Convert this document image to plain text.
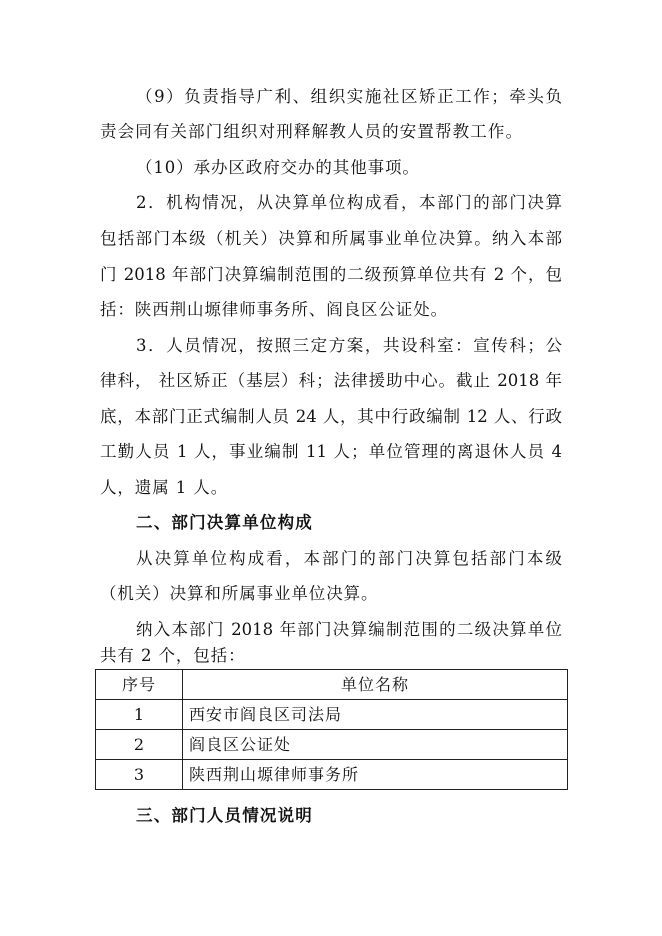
（9）负责指导广利、组织实施社区矫正工作；牵头负
责会同有关部门组织对刑释解教人员的安置帮教工作。
（10）承办区政府交办的其他事项。
2．机构情况，从决算单位构成看，本部门的部门决算
包括部门本级（机关）决算和所属事业单位决算。纳入本部
门 2018 年部门决算编制范围的二级预算单位共有 2 个，包
括：陕西荆山塬律师事务所、阎良区公证处。
3．人员情况，按照三定方案，共设科室：宣传科；公
律科， 社区矫正（基层）科；法律援助中心。截止 2018 年
底，本部门正式编制人员 24 人，其中行政编制 12 人、行政
工勤人员 1 人，事业编制 11 人；单位管理的离退休人员 4
人，遗属 1 人。
二、部门决算单位构成
从决算单位构成看，本部门的部门决算包括部门本级
（机关）决算和所属事业单位决算。
纳入本部门 2018 年部门决算编制范围的二级决算单位
共有 2 个，包括：
序号	单位名称
1	西安市阎良区司法局
2	阎良区公证处
3	陕西荆山塬律师事务所
三、部门人员情况说明
